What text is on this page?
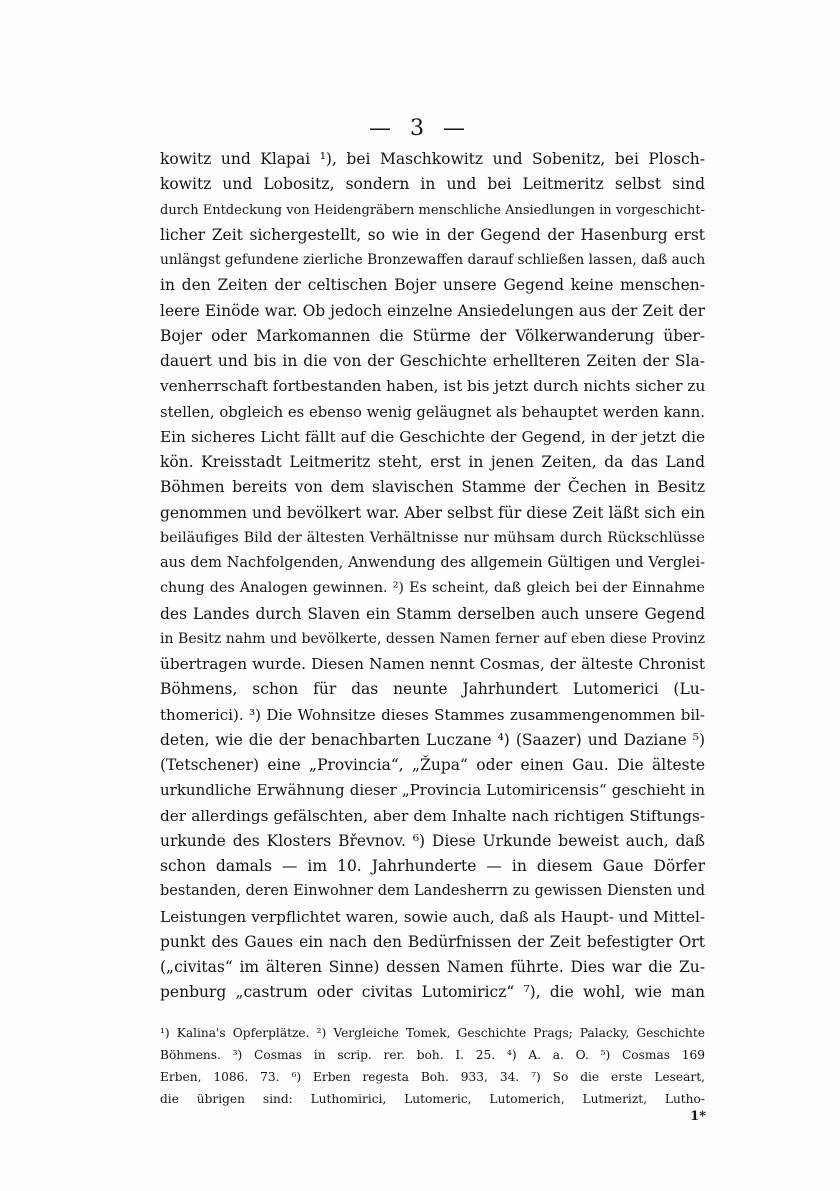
— 3 —
kowitz und Klapai ¹), bei Maschkowitz und Sobenitz, bei Plosch-
kowitz und Lobositz, sondern in und bei Leitmeritz selbst sind
durch Entdeckung von Heidengräbern menschliche Ansiedlungen in vorgeschicht-
licher Zeit sichergestellt, so wie in der Gegend der Hasenburg erst
unlängst gefundene zierliche Bronzewaffen darauf schließen lassen, daß auch
in den Zeiten der celtischen Bojer unsere Gegend keine menschen-
leere Einöde war. Ob jedoch einzelne Ansiedelungen aus der Zeit der
Bojer oder Markomannen die Stürme der Völkerwanderung über-
dauert und bis in die von der Geschichte erhellteren Zeiten der Sla-
venherrschaft fortbestanden haben, ist bis jetzt durch nichts sicher zu
stellen, obgleich es ebenso wenig geläugnet als behauptet werden kann.
Ein sicheres Licht fällt auf die Geschichte der Gegend, in der jetzt die
kön. Kreisstadt Leitmeritz steht, erst in jenen Zeiten, da das Land
Böhmen bereits von dem slavischen Stamme der Čechen in Besitz
genommen und bevölkert war. Aber selbst für diese Zeit läßt sich ein
beiläufiges Bild der ältesten Verhältnisse nur mühsam durch Rückschlüsse
aus dem Nachfolgenden, Anwendung des allgemein Gültigen und Verglei-
chung des Analogen gewinnen. ²) Es scheint, daß gleich bei der Einnahme
des Landes durch Slaven ein Stamm derselben auch unsere Gegend
in Besitz nahm und bevölkerte, dessen Namen ferner auf eben diese Provinz
übertragen wurde. Diesen Namen nennt Cosmas, der älteste Chronist
Böhmens, schon für das neunte Jahrhundert Lutomerici (Lu-
thomerici). ³) Die Wohnsitze dieses Stammes zusammengenommen bil-
deten, wie die der benachbarten Luczane ⁴) (Saazer) und Daziane ⁵)
(Tetschener) eine „Provincia“, „Župa“ oder einen Gau. Die älteste
urkundliche Erwähnung dieser „Provincia Lutomiricensis“ geschieht in
der allerdings gefälschten, aber dem Inhalte nach richtigen Stiftungs-
urkunde des Klosters Břevnov. ⁶) Diese Urkunde beweist auch, daß
schon damals — im 10. Jahrhunderte — in diesem Gaue Dörfer
bestanden, deren Einwohner dem Landesherrn zu gewissen Diensten und
Leistungen verpflichtet waren, sowie auch, daß als Haupt- und Mittel-
punkt des Gaues ein nach den Bedürfnissen der Zeit befestigter Ort
(„civitas“ im älteren Sinne) dessen Namen führte. Dies war die Zu-
penburg „castrum oder civitas Lutomiricz“ ⁷), die wohl, wie man
¹) Kalina's Opferplätze. ²) Vergleiche Tomek, Geschichte Prags; Palacky, Geschichte
Böhmens. ³) Cosmas in scrip. rer. boh. I. 25. ⁴) A. a. O. ⁵) Cosmas 169
Erben, 1086. 73. ⁶) Erben regesta Boh. 933, 34. ⁷) So die erste Leseart,
die übrigen sind: Luthomirici, Lutomeric, Lutomerich, Lutmerizt, Lutho-
1*
